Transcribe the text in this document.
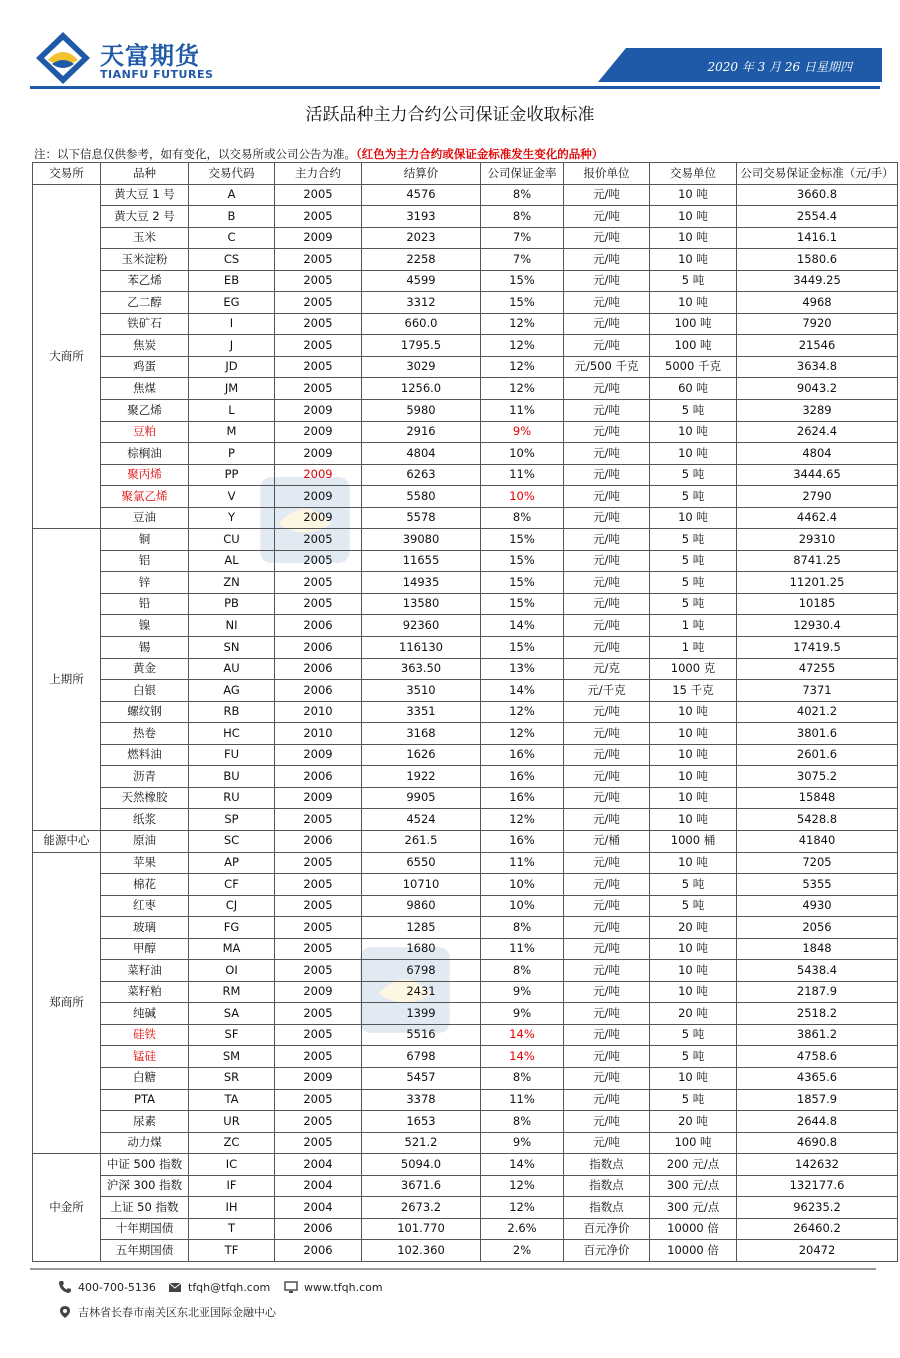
天富期货
TIANFU FUTURES
2020 年 3 月 26 日星期四
活跃品种主力合约公司保证金收取标准
注：以下信息仅供参考，如有变化，以交易所或公司公告为准。（红色为主力合约或保证金标准发生变化的品种）
交易所	品种	交易代码	主力合约	结算价	公司保证金率	报价单位	交易单位	公司交易保证金标准（元/手）
大商所	黄大豆 1 号	A	2005	4576	8%	元/吨	10 吨	3660.8
	黄大豆 2 号	B	2005	3193	8%	元/吨	10 吨	2554.4
	玉米	C	2009	2023	7%	元/吨	10 吨	1416.1
	玉米淀粉	CS	2005	2258	7%	元/吨	10 吨	1580.6
	苯乙烯	EB	2005	4599	15%	元/吨	5 吨	3449.25
	乙二醇	EG	2005	3312	15%	元/吨	10 吨	4968
	铁矿石	I	2005	660.0	12%	元/吨	100 吨	7920
	焦炭	J	2005	1795.5	12%	元/吨	100 吨	21546
	鸡蛋	JD	2005	3029	12%	元/500 千克	5000 千克	3634.8
	焦煤	JM	2005	1256.0	12%	元/吨	60 吨	9043.2
	聚乙烯	L	2009	5980	11%	元/吨	5 吨	3289
	豆粕	M	2009	2916	9%	元/吨	10 吨	2624.4
	棕榈油	P	2009	4804	10%	元/吨	10 吨	4804
	聚丙烯	PP	2009	6263	11%	元/吨	5 吨	3444.65
	聚氯乙烯	V	2009	5580	10%	元/吨	5 吨	2790
	豆油	Y	2009	5578	8%	元/吨	10 吨	4462.4
上期所	铜	CU	2005	39080	15%	元/吨	5 吨	29310
	铝	AL	2005	11655	15%	元/吨	5 吨	8741.25
	锌	ZN	2005	14935	15%	元/吨	5 吨	11201.25
	铅	PB	2005	13580	15%	元/吨	5 吨	10185
	镍	NI	2006	92360	14%	元/吨	1 吨	12930.4
	锡	SN	2006	116130	15%	元/吨	1 吨	17419.5
	黄金	AU	2006	363.50	13%	元/克	1000 克	47255
	白银	AG	2006	3510	14%	元/千克	15 千克	7371
	螺纹钢	RB	2010	3351	12%	元/吨	10 吨	4021.2
	热卷	HC	2010	3168	12%	元/吨	10 吨	3801.6
	燃料油	FU	2009	1626	16%	元/吨	10 吨	2601.6
	沥青	BU	2006	1922	16%	元/吨	10 吨	3075.2
	天然橡胶	RU	2009	9905	16%	元/吨	10 吨	15848
	纸浆	SP	2005	4524	12%	元/吨	10 吨	5428.8
能源中心	原油	SC	2006	261.5	16%	元/桶	1000 桶	41840
郑商所	苹果	AP	2005	6550	11%	元/吨	10 吨	7205
	棉花	CF	2005	10710	10%	元/吨	5 吨	5355
	红枣	CJ	2005	9860	10%	元/吨	5 吨	4930
	玻璃	FG	2005	1285	8%	元/吨	20 吨	2056
	甲醇	MA	2005	1680	11%	元/吨	10 吨	1848
	菜籽油	OI	2005	6798	8%	元/吨	10 吨	5438.4
	菜籽粕	RM	2009	2431	9%	元/吨	10 吨	2187.9
	纯碱	SA	2005	1399	9%	元/吨	20 吨	2518.2
	硅铁	SF	2005	5516	14%	元/吨	5 吨	3861.2
	锰硅	SM	2005	6798	14%	元/吨	5 吨	4758.6
	白糖	SR	2009	5457	8%	元/吨	10 吨	4365.6
	PTA	TA	2005	3378	11%	元/吨	5 吨	1857.9
	尿素	UR	2005	1653	8%	元/吨	20 吨	2644.8
	动力煤	ZC	2005	521.2	9%	元/吨	100 吨	4690.8
中金所	中证 500 指数	IC	2004	5094.0	14%	指数点	200 元/点	142632
	沪深 300 指数	IF	2004	3671.6	12%	指数点	300 元/点	132177.6
	上证 50 指数	IH	2004	2673.2	12%	指数点	300 元/点	96235.2
	十年期国债	T	2006	101.770	2.6%	百元净价	10000 倍	26460.2
	五年期国债	TF	2006	102.360	2%	百元净价	10000 倍	20472
400-700-5136	tfqh@tfqh.com	www.tfqh.com
吉林省长春市南关区东北亚国际金融中心
